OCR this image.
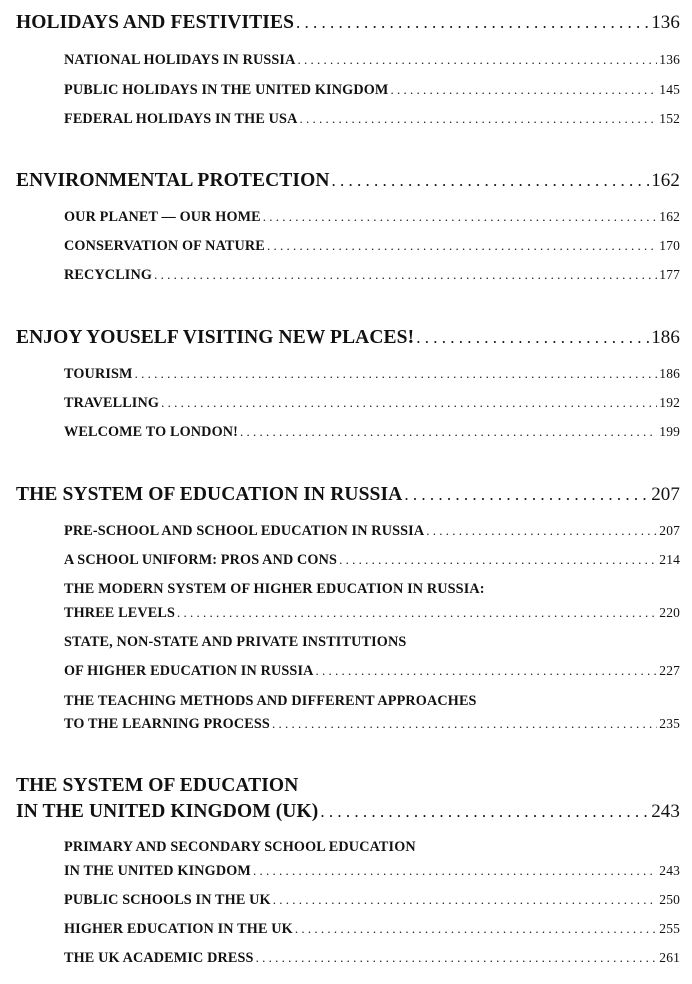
HOLIDAYS AND FESTIVITIES . . .	136
NATIONAL HOLIDAYS IN RUSSIA . . .	136
PUBLIC HOLIDAYS IN THE UNITED KINGDOM . . .	145
FEDERAL HOLIDAYS IN THE USA . . .	152
ENVIRONMENTAL PROTECTION . . .	162
OUR PLANET — OUR HOME . . .	162
CONSERVATION OF NATURE . . .	170
RECYCLING . . .	177
ENJOY YOUSELF VISITING NEW PLACES! . . .	186
TOURISM . . .	186
TRAVELLING . . .	192
WELCOME TO LONDON! . . .	199
THE SYSTEM OF EDUCATION IN RUSSIA . . .	207
PRE-SCHOOL AND SCHOOL EDUCATION IN RUSSIA . . .	207
A SCHOOL UNIFORM: PROS AND CONS . . .	214
THE MODERN SYSTEM OF HIGHER EDUCATION IN RUSSIA:
THREE LEVELS . . .	220
STATE, NON-STATE AND PRIVATE INSTITUTIONS
OF HIGHER EDUCATION IN RUSSIA . . .	227
THE TEACHING METHODS AND DIFFERENT APPROACHES
TO THE LEARNING PROCESS . . .	235
THE SYSTEM OF EDUCATION
IN THE UNITED KINGDOM (UK) . . .	243
PRIMARY AND SECONDARY SCHOOL EDUCATION
IN THE UNITED KINGDOM . . .	243
PUBLIC SCHOOLS IN THE UK . . .	250
HIGHER EDUCATION IN THE UK . . .	255
THE UK ACADEMIC DRESS . . .	261
